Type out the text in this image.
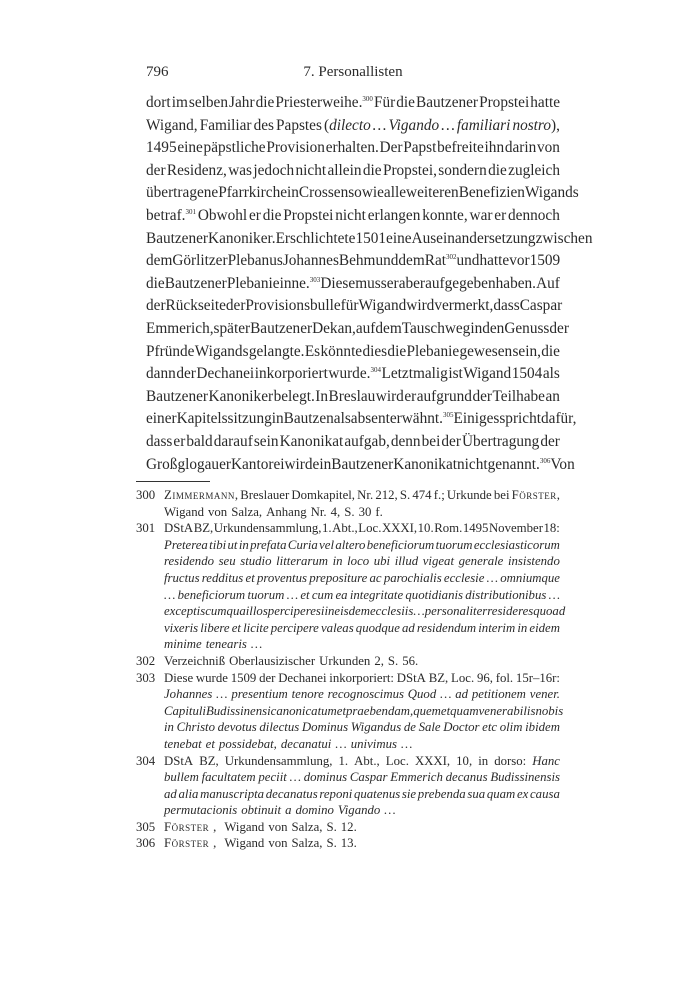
796	7. Personallisten
dort im selben Jahr die Priesterweihe.$^{300}$ Für die Bautzener Propstei hatte
Wigand, Familiar des Papstes (dilecto … Vigando … familiari nostro),
1495 eine päpstliche Provision erhalten. Der Papst befreite ihn darin von
der Residenz, was jedoch nicht allein die Propstei, sondern die zugleich
übertragene Pfarrkirche in Crossen sowie alle weiteren Benefizien Wigands
betraf.$^{301}$ Obwohl er die Propstei nicht erlangen konnte, war er dennoch
Bautzener Kanoniker. Er schlichtete 1501 eine Auseinandersetzung zwischen
dem Görlitzer Plebanus Johannes Behm und dem Rat$^{302}$ und hatte vor 1509
die Bautzener Plebanie inne.$^{303}$ Diese muss er aber aufgegeben haben. Auf
der Rückseite der Provisionsbulle für Wigand wird vermerkt, dass Caspar
Emmerich, später Bautzener Dekan, auf dem Tauschweg in den Genuss der
Pfründe Wigands gelangte. Es könnte dies die Plebanie gewesen sein, die
dann der Dechanei inkorporiert wurde.$^{304}$ Letztmalig ist Wigand 1504 als
Bautzener Kanoniker belegt. In Breslau wird er aufgrund der Teilhabe an
einer Kapitelssitzung in Bautzen als absent erwähnt.$^{305}$ Einiges spricht dafür,
dass er bald darauf sein Kanonikat aufgab, denn bei der Übertragung der
Großglogauer Kantorei wird ein Bautzener Kanonikat nicht genannt.$^{306}$ Von
300 Zimmermann, Breslauer Domkapitel, Nr. 212, S. 474 f.; Urkunde bei Förster,
Wigand von Salza, Anhang Nr. 4, S. 30 f.
301 DStA BZ, Urkundensammlung, 1. Abt., Loc. XXXI, 10. Rom. 1495 November 18:
Preterea tibi ut in prefata Curia vel altero beneficiorum tuorum ecclesiasticorum
residendo seu studio litterarum in loco ubi illud vigeat generale insistendo
fructus redditus et proventus prepositure ac parochialis ecclesie … omniumque
… beneficiorum tuorum … et cum ea integritate quotidianis distributionibus …
exceptis cum qua illos percipere si in eisdem ecclesiis … personaliter resideres quoad
vixeris libere et licite percipere valeas quodque ad residendum interim in eidem
minime tenearis …
302 Verzeichniß Oberlausizischer Urkunden 2, S. 56.
303 Diese wurde 1509 der Dechanei inkorporiert: DStA BZ, Loc. 96, fol. 15r–16r:
Johannes … presentium tenore recognoscimus Quod … ad petitionem vener.
Capituli Budissinensi canonicatum et praebendam, quem et quam venerabilis nobis
in Christo devotus dilectus Dominus Wigandus de Sale Doctor etc olim ibidem
tenebat et possidebat, decanatui … univimus …
304 DStA BZ, Urkundensammlung, 1. Abt., Loc. XXXI, 10, in dorso: Hanc
bullem facultatem peciit … dominus Caspar Emmerich decanus Budissinensis
ad alia manuscripta decanatus reponi quatenus sie prebenda sua quam ex causa
permutacionis obtinuit a domino Vigando …
305 Förster , Wigand von Salza, S. 12.
306 Förster , Wigand von Salza, S. 13.
